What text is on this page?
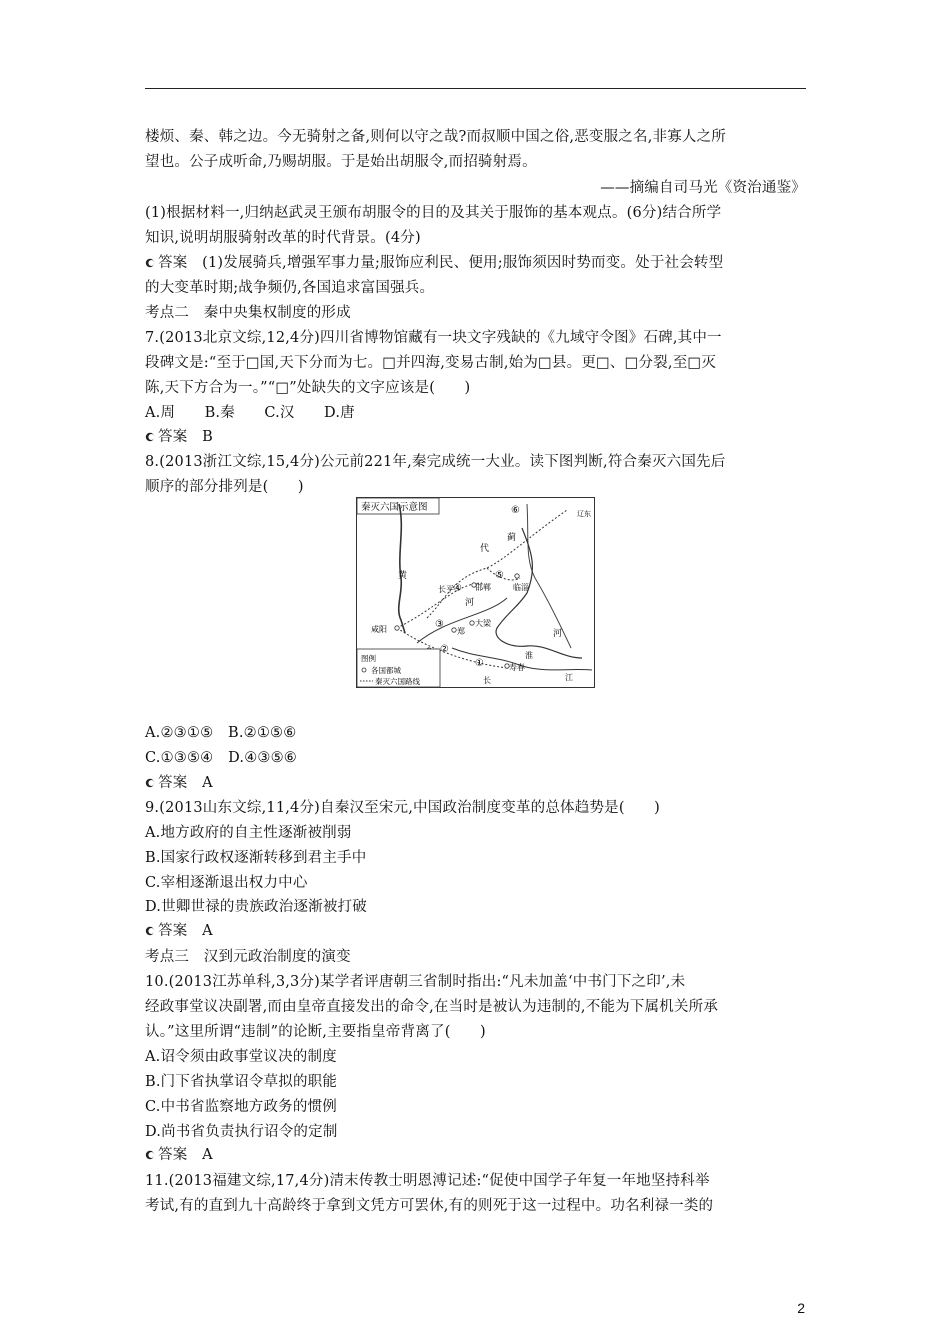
楼烦、秦、韩之边。今无骑射之备,则何以守之哉?而叔顺中国之俗,恶变服之名,非寡人之所
望也。公子成听命,乃赐胡服。于是始出胡服令,而招骑射焉。
——摘编自司马光《资治通鉴》
(1)根据材料一,归纳赵武灵王颁布胡服令的目的及其关于服饰的基本观点。(6分)结合所学
知识,说明胡服骑射改革的时代背景。(4分)
答案　(1)发展骑兵,增强军事力量;服饰应利民、便用;服饰须因时势而变。处于社会转型
的大变革时期;战争频仍,各国追求富国强兵。
考点二　秦中央集权制度的形成
7.(2013北京文综,12,4分)四川省博物馆藏有一块文字残缺的《九域守令图》石碑,其中一
段碑文是:“至于□国,天下分而为七。□并四海,变易古制,始为□县。更□、□分裂,至□灭
陈,天下方合为一。”“□”处缺失的文字应该是(　　)
A.周　　B.秦　　C.汉　　D.唐
答案　B
8.(2013浙江文综,15,4分)公元前221年,秦完成统一大业。读下图判断,符合秦灭六国先后
顺序的部分排列是(　　)
秦灭六国示意图
黄
河
河
代
蓟
辽东
邯郸
长平	临淄
咸阳	郑
大梁
寿春
淮
江
长
①
②
③
④
⑤
⑥
图例
各国都城
秦灭六国路线
A.②③①⑤　B.②①⑤⑥
C.①③⑤④　D.④③⑤⑥
答案　A
9.(2013山东文综,11,4分)自秦汉至宋元,中国政治制度变革的总体趋势是(　　)
A.地方政府的自主性逐渐被削弱
B.国家行政权逐渐转移到君主手中
C.宰相逐渐退出权力中心
D.世卿世禄的贵族政治逐渐被打破
答案　A
考点三　汉到元政治制度的演变
10.(2013江苏单科,3,3分)某学者评唐朝三省制时指出:“凡未加盖‘中书门下之印’,未
经政事堂议决副署,而由皇帝直接发出的命令,在当时是被认为违制的,不能为下属机关所承
认。”这里所谓“违制”的论断,主要指皇帝背离了(　　)
A.诏令须由政事堂议决的制度
B.门下省执掌诏令草拟的职能
C.中书省监察地方政务的惯例
D.尚书省负责执行诏令的定制
答案　A
11.(2013福建文综,17,4分)清末传教士明恩溥记述:“促使中国学子年复一年地坚持科举
考试,有的直到九十高龄终于拿到文凭方可罢休,有的则死于这一过程中。功名利禄一类的
2
